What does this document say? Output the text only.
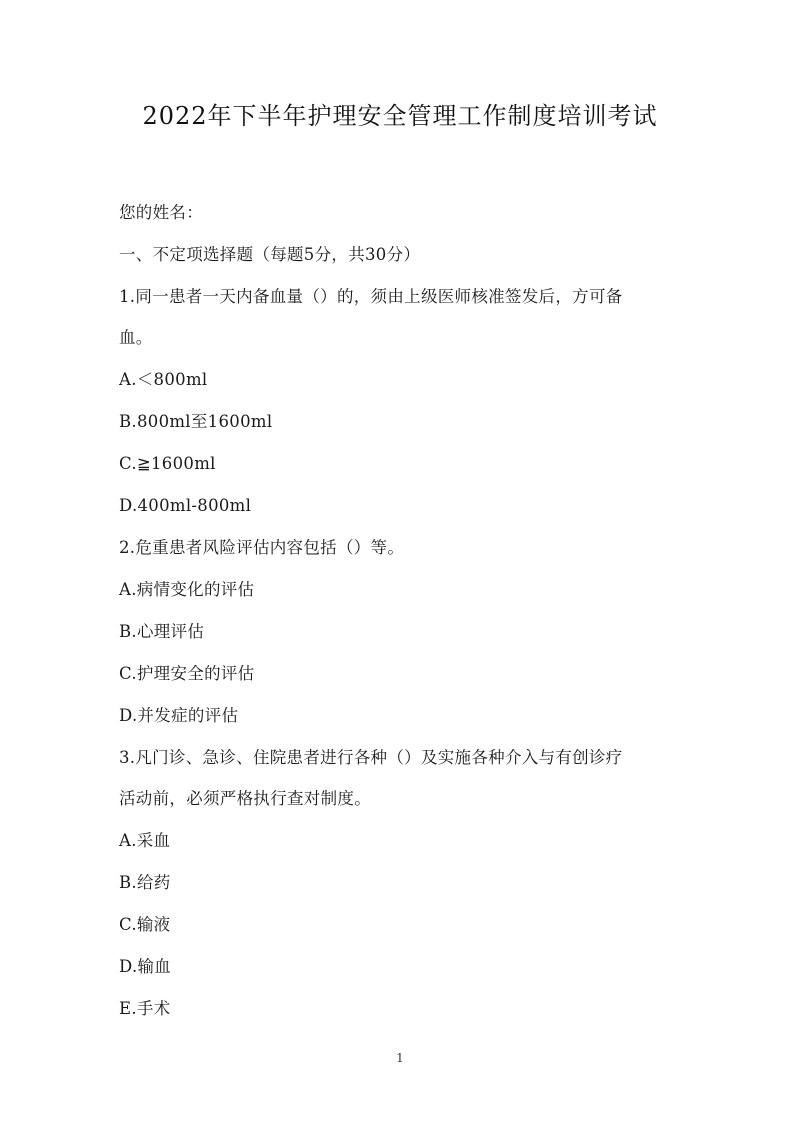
2022年下半年护理安全管理工作制度培训考试
您的姓名：
一、不定项选择题（每题5分，共30分）
1.同一患者一天内备血量（）的，须由上级医师核准签发后，方可备
血。
A.＜800ml
B.800ml至1600ml
C.≧1600ml
D.400ml-800ml
2.危重患者风险评估内容包括（）等。
A.病情变化的评估
B.心理评估
C.护理安全的评估
D.并发症的评估
3.凡门诊、急诊、住院患者进行各种（）及实施各种介入与有创诊疗
活动前，必须严格执行查对制度。
A.采血
B.给药
C.输液
D.输血
E.手术
1
